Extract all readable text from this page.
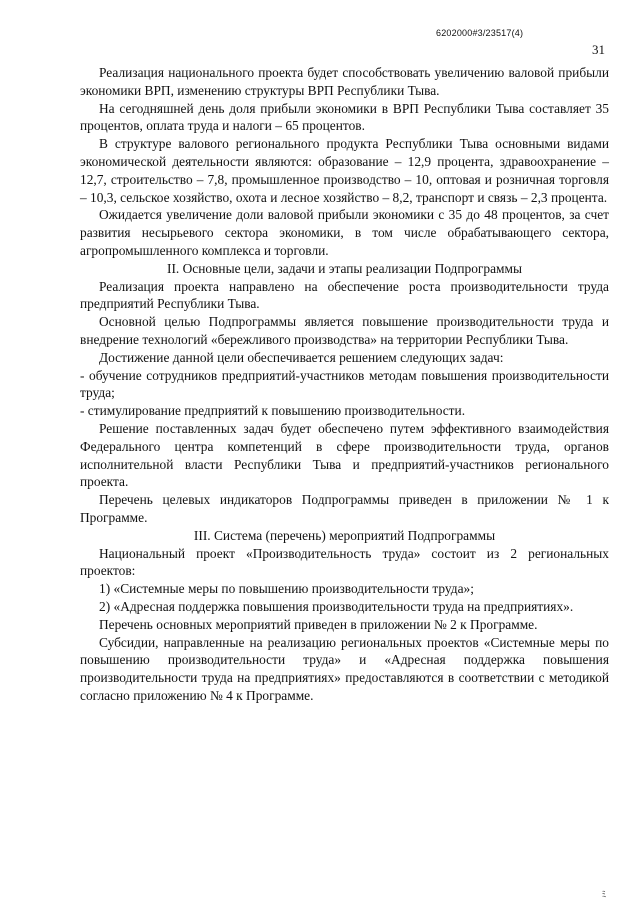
6202000#3/23517(4)
31

Реализация национального проекта будет способствовать увеличению валовой прибыли экономики ВРП, изменению структуры ВРП Республики Тыва.

На сегодняшней день доля прибыли экономики в ВРП Республики Тыва составляет 35 процентов, оплата труда и налоги – 65 процентов.

В структуре валового регионального продукта Республики Тыва основными видами экономической деятельности являются: образование – 12,9 процента, здравоохранение – 12,7, строительство – 7,8, промышленное производство – 10, оптовая и розничная торговля – 10,3, сельское хозяйство, охота и лесное хозяйство – 8,2, транспорт и связь – 2,3 процента.

Ожидается увеличение доли валовой прибыли экономики с 35 до 48 процентов, за счет развития несырьевого сектора экономики, в том числе обрабатывающего сектора, агропромышленного комплекса и торговли.

II. Основные цели, задачи и этапы реализации Подпрограммы

Реализация проекта направлено на обеспечение роста производительности труда предприятий Республики Тыва.

Основной целью Подпрограммы является повышение производительности труда и внедрение технологий «бережливого производства» на территории Республики Тыва.

Достижение данной цели обеспечивается решением следующих задач:

- обучение сотрудников предприятий-участников методам повышения производительности труда;

- стимулирование предприятий к повышению производительности.

Решение поставленных задач будет обеспечено путем эффективного взаимодействия Федерального центра компетенций в сфере производительности труда, органов исполнительной власти Республики Тыва и предприятий-участников регионального проекта.

Перечень целевых индикаторов Подпрограммы приведен в приложении № 1 к Программе.

III. Система (перечень) мероприятий Подпрограммы

Национальный проект «Производительность труда» состоит из 2 региональных проектов:

1) «Системные меры по повышению производительности труда»;

2) «Адресная поддержка повышения производительности труда на предприятиях».

Перечень основных мероприятий приведен в приложении № 2 к Программе.

Субсидии, направленные на реализацию региональных проектов «Системные меры по повышению производительности труда» и «Адресная поддержка повышения производительности труда на предприятиях» предоставляются в соответствии с методикой согласно приложению № 4 к Программе.

ﾐ
